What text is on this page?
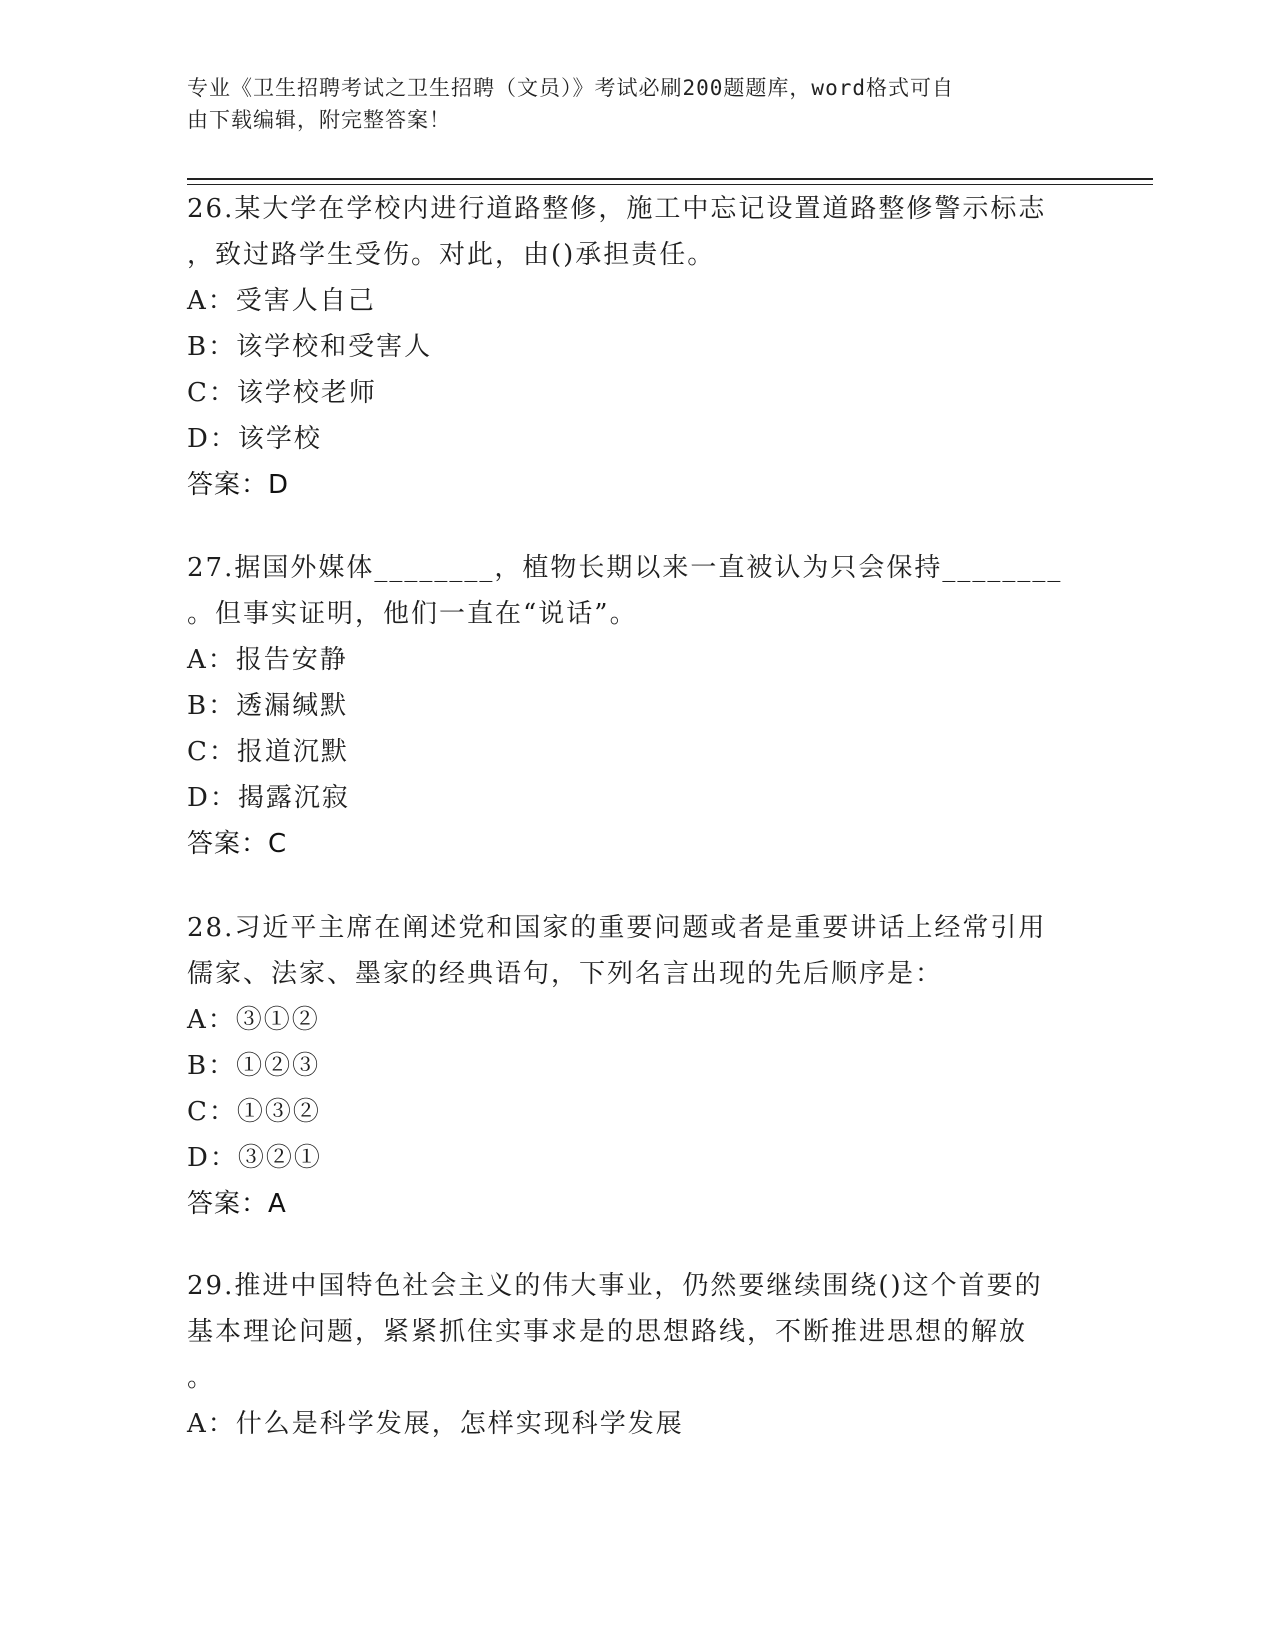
专业《卫生招聘考试之卫生招聘（文员）》考试必刷200题题库，word格式可自
由下载编辑，附完整答案！
26.某大学在学校内进行道路整修，施工中忘记设置道路整修警示标志
，致过路学生受伤。对此，由()承担责任。
A：受害人自己
B：该学校和受害人
C：该学校老师
D：该学校
答案：D
27.据国外媒体________，植物长期以来一直被认为只会保持________
。但事实证明，他们一直在“说话”。
A：报告安静
B：透漏缄默
C：报道沉默
D：揭露沉寂
答案：C
28.习近平主席在阐述党和国家的重要问题或者是重要讲话上经常引用
儒家、法家、墨家的经典语句，下列名言出现的先后顺序是：
A：③①②
B：①②③
C：①③②
D：③②①
答案：A
29.推进中国特色社会主义的伟大事业，仍然要继续围绕()这个首要的
基本理论问题，紧紧抓住实事求是的思想路线，不断推进思想的解放
。
A：什么是科学发展，怎样实现科学发展
